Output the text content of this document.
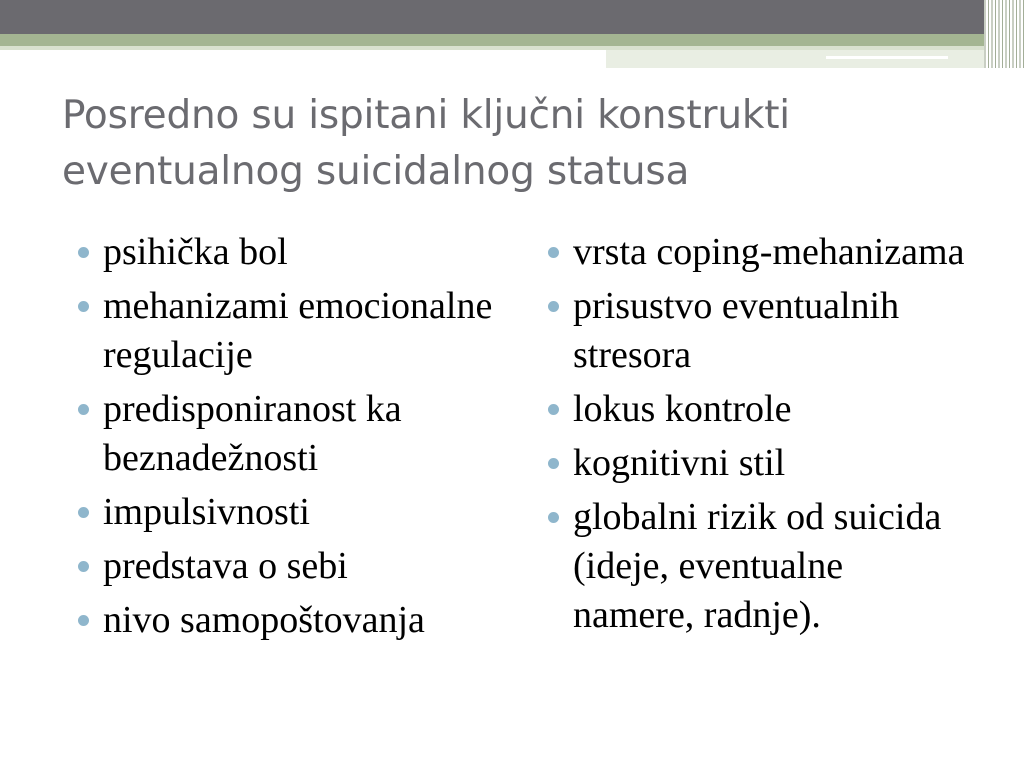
Posredno su ispitani ključni konstrukti
eventualnog suicidalnog statusa
psihička bol
mehanizami emocionalne regulacije
predisponiranost ka beznadežnosti
impulsivnosti
predstava o sebi
nivo samopoštovanja
vrsta coping-mehanizama
prisustvo eventualnih stresora
lokus kontrole
kognitivni stil
globalni rizik od suicida (ideje, eventualne namere, radnje).
